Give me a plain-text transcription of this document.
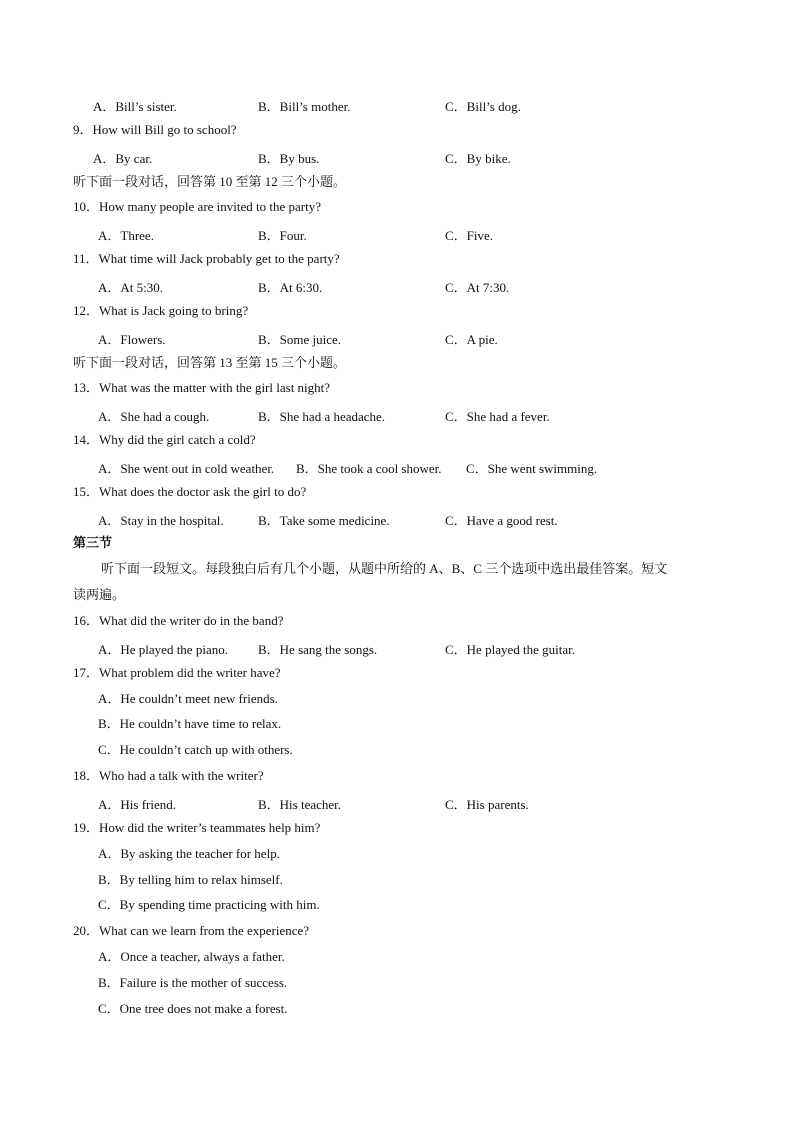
A．Bill’s sister.	B．Bill’s mother.	C．Bill’s dog.
9．How will Bill go to school?
A．By car.	B．By bus.	C．By bike.
听下面一段对话，回答第 10 至第 12 三个小题。
10．How many people are invited to the party?
A．Three.	B．Four.	C．Five.
11．What time will Jack probably get to the party?
A．At 5:30.	B．At 6:30.	C．At 7:30.
12．What is Jack going to bring?
A．Flowers.	B．Some juice.	C．A pie.
听下面一段对话，回答第 13 至第 15 三个小题。
13．What was the matter with the girl last night?
A．She had a cough.	B．She had a headache.	C．She had a fever.
14．Why did the girl catch a cold?
A．She went out in cold weather. B．She took a cool shower. C．She went swimming.
15．What does the doctor ask the girl to do?
A．Stay in the hospital.	B．Take some medicine.	C．Have a good rest.
第三节
听下面一段短文。每段独白后有几个小题，从题中所给的 A、B、C 三个选项中选出最佳答案。短文
读两遍。
16．What did the writer do in the band?
A．He played the piano. B．He sang the songs.	C．He played the guitar.
17．What problem did the writer have?
A．He couldn’t meet new friends.
B．He couldn’t have time to relax.
C．He couldn’t catch up with others.
18．Who had a talk with the writer?
A．His friend.	B．His teacher.	C．His parents.
19．How did the writer’s teammates help him?
A．By asking the teacher for help.
B．By telling him to relax himself.
C．By spending time practicing with him.
20．What can we learn from the experience?
A．Once a teacher, always a father.
B．Failure is the mother of success.
C．One tree does not make a forest.
